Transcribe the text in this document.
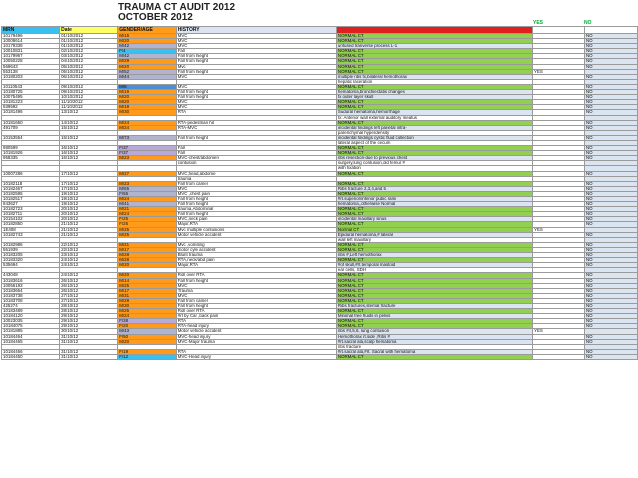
TRAUMA CT AUDIT 2012
OCTOBER 2012	YES	NO
MRN	Date	GENDER/AGE	HISTORY			
10179496	01/10/2012	M/15	MVC	NORMAL CT		NO
10008614	01/10/2012	M/20	MVC	NORMAL CT		NO
10179338	01/10/2012	M/42	MVC	unfused tranverse process L-1		NO
10010831	02/10/2012	F/4	Fall	NORMAL CT		NO
10179967	03/10/2012	M/42	Fall from hieght	NORMAL CT		NO
10050228	04/10/2012	M/29	Fall from hieght	NORMAL CT		NO
569643	05/10/2012	M/20	Mvc	NORMAL CT		NO
553138	05/10/2012	M/52	Fall from hieght	NORMAL CT	YES	
10180203	06/10/2012	M/44	MVC	multiple ribs fx,bilateral hemothorax		NO
				hepatic laceration		
10110543	09/10/2012	M/8	MVC	NORMAL CT		NO
10180725	09/10/2012	M/19	Fall from hieght	hematoma,bronchiectatis changes		NO
10075495	10/10/2012	M/20	Fall from hieght	fx outer layer skull		NO
10181223	11/10/2012	M/20	MVC	NORMAL CT		NO
939592	11/10/2012	M/19	MVC	NORMAL CT		NO
10181496	13/10/12	M/30	RTA	Sudural hematoma,hemorrhage		NO
				fx: Anterior wall external auditory meatus		
10181650	14/10/12	M/24	RTA-pedestrian hit	NORMAL CT		NO
491709	15/10/12	M/24	RTA-MVC	incidental findings left parietal intra-		NO
				parenchymal hyperdensity		
10153554	15/10/12	M/73	Fall from height	incidental findings cystic fluid collection		NO
				lateral aspect of the cecum		
980599	16/10/12	F/37	Fall	NORMAL CT		NO
10181926	16/10/12	F/37	Fall	NORMAL CT		NO
958335	16/10/12	M/23	MVC-chest/abdomen	ribs resection-due to previous chest		NO
			contusion	surgery,lung contusion,old femur #		
				with fixation		
10007286	17/10/12	M/27	MVC,head,abdome	NORMAL CT		NO
			trauma			
10182118	17/10/12	M/23	Fall from camel	NORMAL CT		NO
10182467	17/10/12	M/55	MVC	Ribs fracture 2,3,4,and 5		NO
10182595	19/10/12	F/55	MVC ,chest pain	NORMAL CT		NO
10182517	19/10/12	M/24	Fall from height	#rt.superior/inferior pubic rami		NO
943627	19/10/12	M/41	Fall from height	hematoma,,otherwise Normal		NO
10182723	20/10/12	M/21	trauma,Abdominal	NORMAL CT		NO
10182711	20/10/12	M/24	Fall from hieght	NORMAL CT		NO
10154102	20/10/12	F/25	MVC,neck pain	incidental maxillary sinus		NO
10182850	21/10/12	F/25	Major,RTA	NORMAL CT		NO
1E408	21/10/12	M/25	Mvc multiple contusions	Normal CT	YES	
10182743	21/10/12	M/25	Motor vehicle accident	Epidural hematoma,# lateral		NO
				wall left maxillary		
10182986	22/10/12	M/21	Mvc ,vomiting	NORMAL CT		NO
551939	22/10/12	M/17	motor cyle accident	NORMAL CT		NO
10183205	23/10/12	M/28	Blunt trauma	ribs #,Left hemothorax		NO
10183320	24/10/12	M/28	RTA,neck/abd pain	NORMAL CT		NO
535694	24/10/12	M/20	Major,RTA	#of skull,#rt.temporal mastoid		NO
				ear cells, SDH		
443048	24/10/12	M/20	Roll over RTA	NORMAL CT		NO
10183616	26/10/12	M/14	Fall from height	NORMAL CT		NO
10056193	26/10/12	M/25	MVC	NORMAL CT		NO
10183664	26/10/12	M/17	Trauma	NORMAL CT		NO
10183738	27/10/12	M/31	MVC	NORMAL CT		NO
10183708	27/10/12	M/28	Fall from camel	NORMAL CT		NO
425274	28/10/12	M/30	Fall from height	Ribs fractures,sternal fracture		NO
10183489	28/10/12	M/25	Roll over RTA	NORMAL CT		NO
10184120	29/10/12	M/24	#rt by Car ,back pain	Minimal free fluids in pelvis		NO
10023035	29/10/12	F/38	RTA	NORMAL CT		NO
10184075	29/10/12	F/20	RTA-head injury	NORMAL CT		NO
10181885	30/10/12	M/43	Motor vehicle accident	ribs #4,5,6, lung contusion	YES	
10184464	31/10/12	F/50	MVC-head injury	Hemothorax rt.side ,Ribs #		NO
10184465	31/10/12	M/20	MVC-Major trauma	#rt.sacral ala,scalp hematoma		NO
				ribs fracture		
10184466	31/10/12	F/19	RTA	#rt.sacral ala,#rt. Sacral with hematoma		NO
10184450	31/10/12	F/12	MVC-Head injury	NORMAL CT		NO
